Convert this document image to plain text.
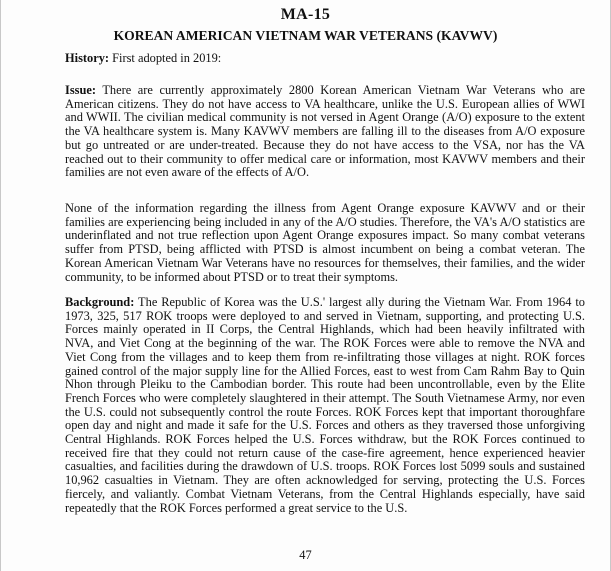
MA-15
KOREAN AMERICAN VIETNAM WAR VETERANS (KAVWV)

History: First adopted in 2019:

Issue: There are currently approximately 2800 Korean American Vietnam War Veterans who are American citizens. They do not have access to VA healthcare, unlike the U.S. European allies of WWI and WWII. The civilian medical community is not versed in Agent Orange (A/O) exposure to the extent the VA healthcare system is. Many KAVWV members are falling ill to the diseases from A/O exposure but go untreated or are under-treated. Because they do not have access to the VSA, nor has the VA reached out to their community to offer medical care or information, most KAVWV members and their families are not even aware of the effects of A/O.

None of the information regarding the illness from Agent Orange exposure KAVWV and or their families are experiencing being included in any of the A/O studies. Therefore, the VA's A/O statistics are underinflated and not true reflection upon Agent Orange exposures impact. So many combat veterans suffer from PTSD, being afflicted with PTSD is almost incumbent on being a combat veteran. The Korean American Vietnam War Veterans have no resources for themselves, their families, and the wider community, to be informed about PTSD or to treat their symptoms.

Background: The Republic of Korea was the U.S.' largest ally during the Vietnam War. From 1964 to 1973, 325, 517 ROK troops were deployed to and served in Vietnam, supporting, and protecting U.S. Forces mainly operated in II Corps, the Central Highlands, which had been heavily infiltrated with NVA, and Viet Cong at the beginning of the war. The ROK Forces were able to remove the NVA and Viet Cong from the villages and to keep them from re-infiltrating those villages at night. ROK forces gained control of the major supply line for the Allied Forces, east to west from Cam Rahm Bay to Quin Nhon through Pleiku to the Cambodian border. This route had been uncontrollable, even by the Elite French Forces who were completely slaughtered in their attempt. The South Vietnamese Army, nor even the U.S. could not subsequently control the route Forces. ROK Forces kept that important thoroughfare open day and night and made it safe for the U.S. Forces and others as they traversed those unforgiving Central Highlands. ROK Forces helped the U.S. Forces withdraw, but the ROK Forces continued to received fire that they could not return cause of the case-fire agreement, hence experienced heavier casualties, and facilities during the drawdown of U.S. troops. ROK Forces lost 5099 souls and sustained 10,962 casualties in Vietnam. They are often acknowledged for serving, protecting the U.S. Forces fiercely, and valiantly. Combat Vietnam Veterans, from the Central Highlands especially, have said repeatedly that the ROK Forces performed a great service to the U.S.

47
